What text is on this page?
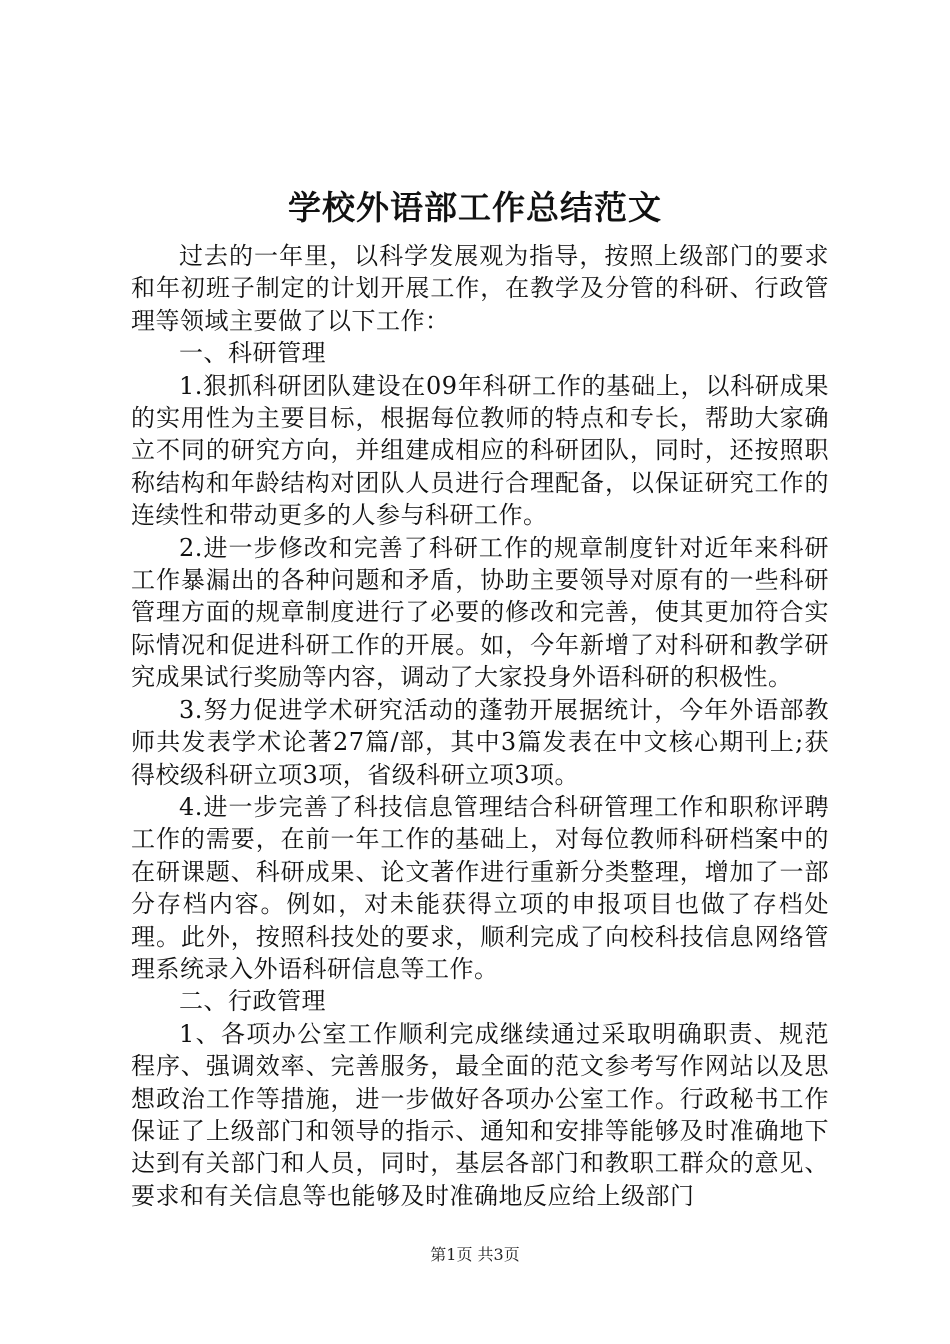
学校外语部工作总结范文

过去的一年里，以科学发展观为指导，按照上级部门的要求和年初班子制定的计划开展工作，在教学及分管的科研、行政管理等领域主要做了以下工作：

一、科研管理

1.狠抓科研团队建设在09年科研工作的基础上，以科研成果的实用性为主要目标，根据每位教师的特点和专长，帮助大家确立不同的研究方向，并组建成相应的科研团队，同时，还按照职称结构和年龄结构对团队人员进行合理配备，以保证研究工作的连续性和带动更多的人参与科研工作。

2.进一步修改和完善了科研工作的规章制度针对近年来科研工作暴漏出的各种问题和矛盾，协助主要领导对原有的一些科研管理方面的规章制度进行了必要的修改和完善，使其更加符合实际情况和促进科研工作的开展。如，今年新增了对科研和教学研究成果试行奖励等内容，调动了大家投身外语科研的积极性。

3.努力促进学术研究活动的蓬勃开展据统计，今年外语部教师共发表学术论著27篇/部，其中3篇发表在中文核心期刊上;获得校级科研立项3项，省级科研立项3项。

4.进一步完善了科技信息管理结合科研管理工作和职称评聘工作的需要，在前一年工作的基础上，对每位教师科研档案中的在研课题、科研成果、论文著作进行重新分类整理，增加了一部分存档内容。例如，对未能获得立项的申报项目也做了存档处理。此外，按照科技处的要求，顺利完成了向校科技信息网络管理系统录入外语科研信息等工作。

二、行政管理

1、各项办公室工作顺利完成继续通过采取明确职责、规范程序、强调效率、完善服务，最全面的范文参考写作网站以及思想政治工作等措施，进一步做好各项办公室工作。行政秘书工作保证了上级部门和领导的指示、通知和安排等能够及时准确地下达到有关部门和人员，同时，基层各部门和教职工群众的意见、要求和有关信息等也能够及时准确地反应给上级部门

第1页 共3页
